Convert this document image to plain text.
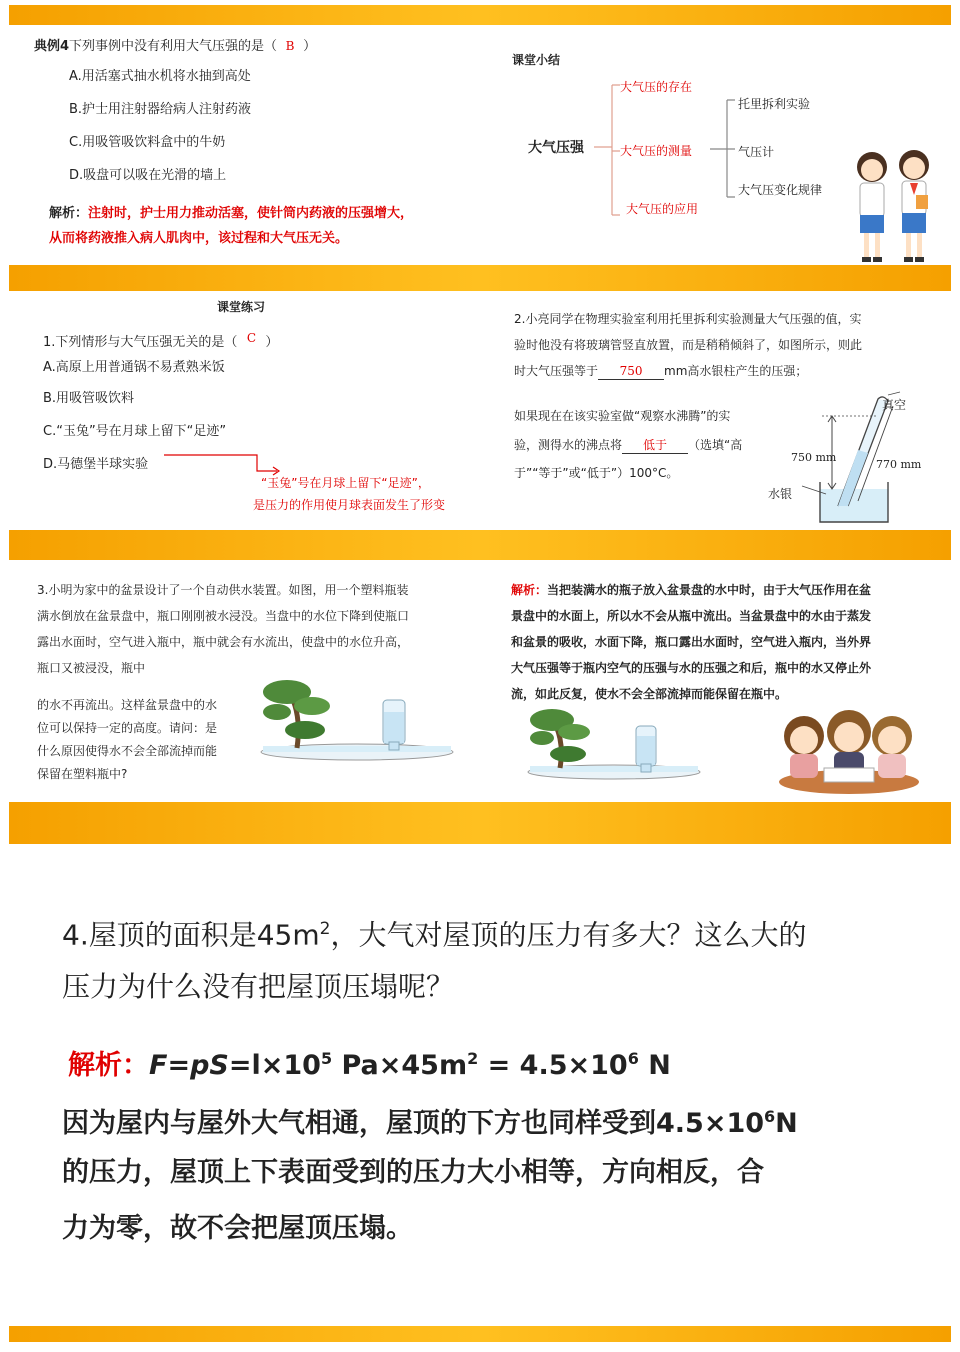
典例4下列事例中没有利用大气压强的是（ B ）
A.用活塞式抽水机将水抽到高处
B.护士用注射器给病人注射药液
C.用吸管吸饮料盒中的牛奶
D.吸盘可以吸在光滑的墙上
解析：注射时，护士用力推动活塞，使针筒内药液的压强增大，
从而将药液推入病人肌肉中，该过程和大气压无关。
课堂小结
大气压强
大气压的存在
大气压的测量
大气压的应用
托里拆利实验
气压计
大气压变化规律
课堂练习
1.下列情形与大气压强无关的是（ C ）
A.高原上用普通锅不易煮熟米饭
B.用吸管吸饮料
C.“玉兔”号在月球上留下“足迹”
D.马德堡半球实验
“玉兔”号在月球上留下“足迹”，
是压力的作用使月球表面发生了形变
2.小亮同学在物理实验室利用托里拆利实验测量大气压强的值，实
验时他没有将玻璃管竖直放置，而是稍稍倾斜了，如图所示，则此
时大气压强等于 750 mm高水银柱产生的压强；
如果现在在该实验室做“观察水沸腾”的实
验，测得水的沸点将 低于 （选填“高
于”“等于”或“低于”）100°C。
真空
750 mm
770 mm
水银
3.小明为家中的盆景设计了一个自动供水装置。如图，用一个塑料瓶装
满水倒放在盆景盘中，瓶口刚刚被水浸没。当盘中的水位下降到使瓶口
露出水面时，空气进入瓶中，瓶中就会有水流出，使盘中的水位升高，
瓶口又被浸没，瓶中
的水不再流出。这样盆景盘中的水
位可以保持一定的高度。请问：是
什么原因使得水不会全部流掉而能
保留在塑料瓶中?
解析：当把装满水的瓶子放入盆景盘的水中时，由于大气压作用在盆
景盘中的水面上，所以水不会从瓶中流出。当盆景盘中的水由于蒸发
和盆景的吸收，水面下降，瓶口露出水面时，空气进入瓶内，当外界
大气压强等于瓶内空气的压强与水的压强之和后，瓶中的水又停止外
流，如此反复，使水不会全部流掉而能保留在瓶中。
4.屋顶的面积是$45m^2$，大气对屋顶的压力有多大？这么大的
压力为什么没有把屋顶压塌呢？
解析：$F=pS=l\times 10^5$ $Pa\times 45m^2 = 4.5\times 10^6$ N
因为屋内与屋外大气相通，屋顶的下方也同样受到$4.5\times 10^6N$
的压力，屋顶上下表面受到的压力大小相等，方向相反，合
力为零，故不会把屋顶压塌。
